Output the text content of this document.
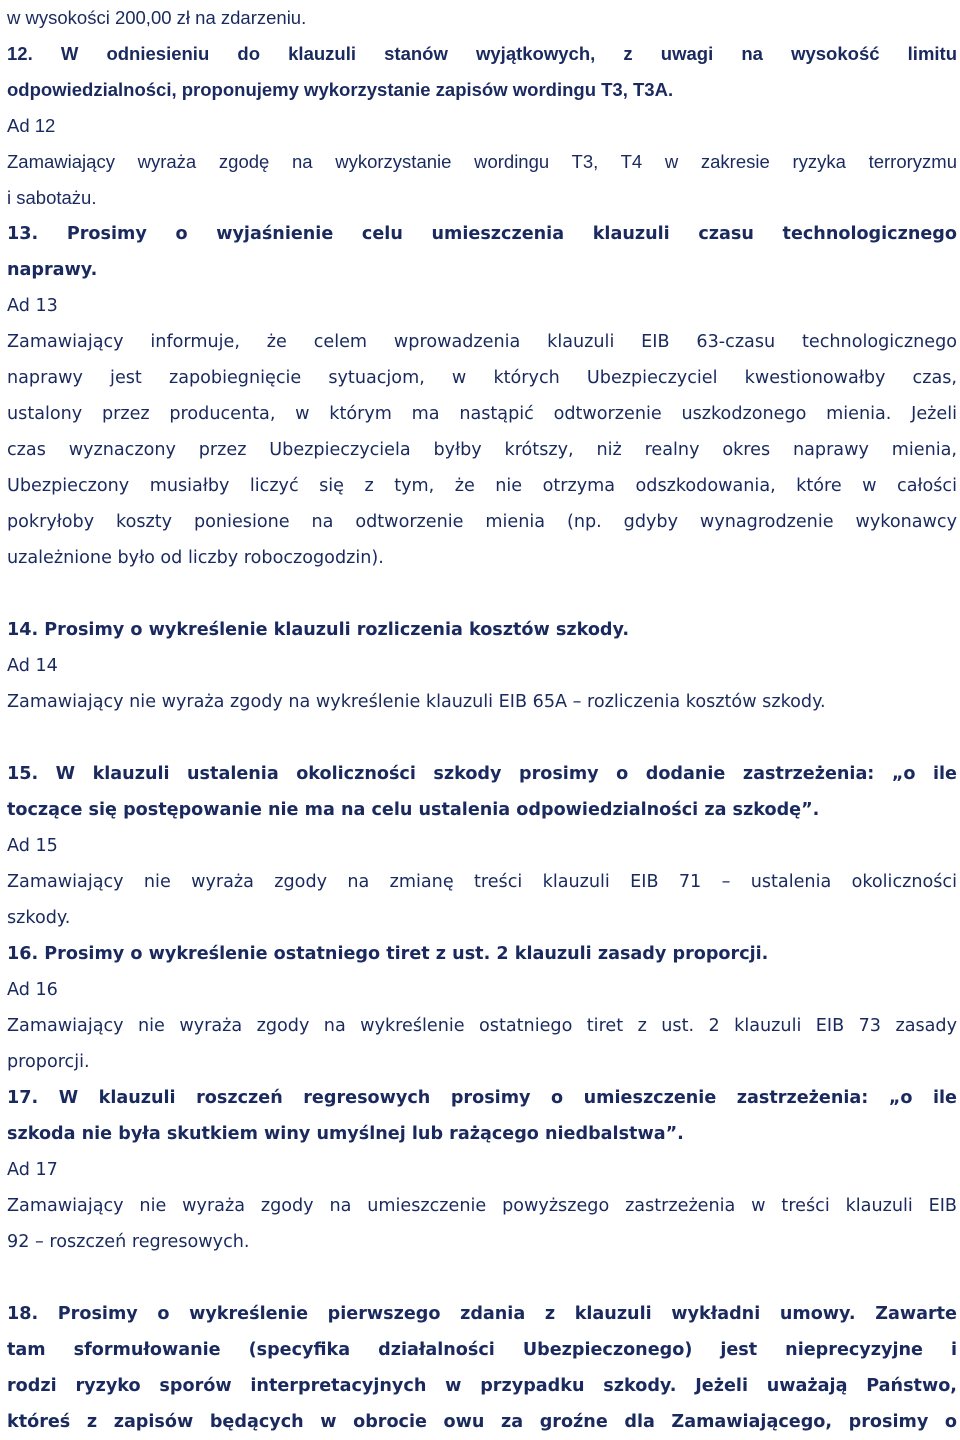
w wysokości 200,00 zł na zdarzeniu.
12. W odniesieniu do klauzuli stanów wyjątkowych, z uwagi na wysokość limitu
odpowiedzialności, proponujemy wykorzystanie zapisów wordingu T3, T3A.
Ad 12
Zamawiający wyraża zgodę na wykorzystanie wordingu T3, T4 w zakresie ryzyka terroryzmu
i sabotażu.
13. Prosimy o wyjaśnienie celu umieszczenia klauzuli czasu technologicznego
naprawy.
Ad 13
Zamawiający informuje, że celem wprowadzenia klauzuli EIB 63-czasu technologicznego
naprawy jest zapobiegnięcie sytuacjom, w których Ubezpieczyciel kwestionowałby czas,
ustalony przez producenta, w którym ma nastąpić odtworzenie uszkodzonego mienia. Jeżeli
czas wyznaczony przez Ubezpieczyciela byłby krótszy, niż realny okres naprawy mienia,
Ubezpieczony musiałby liczyć się z tym, że nie otrzyma odszkodowania, które w całości
pokryłoby koszty poniesione na odtworzenie mienia (np. gdyby wynagrodzenie wykonawcy
uzależnione było od liczby roboczogodzin).
14. Prosimy o wykreślenie klauzuli rozliczenia kosztów szkody.
Ad 14
Zamawiający nie wyraża zgody na wykreślenie klauzuli EIB 65A – rozliczenia kosztów szkody.
15. W klauzuli ustalenia okoliczności szkody prosimy o dodanie zastrzeżenia: „o ile
toczące się postępowanie nie ma na celu ustalenia odpowiedzialności za szkodę”.
Ad 15
Zamawiający nie wyraża zgody na zmianę treści klauzuli EIB 71 – ustalenia okoliczności
szkody.
16. Prosimy o wykreślenie ostatniego tiret z ust. 2 klauzuli zasady proporcji.
Ad 16
Zamawiający nie wyraża zgody na wykreślenie ostatniego tiret z ust. 2 klauzuli EIB 73 zasady
proporcji.
17. W klauzuli roszczeń regresowych prosimy o umieszczenie zastrzeżenia: „o ile
szkoda nie była skutkiem winy umyślnej lub rażącego niedbalstwa”.
Ad 17
Zamawiający nie wyraża zgody na umieszczenie powyższego zastrzeżenia w treści klauzuli EIB
92 – roszczeń regresowych.
18. Prosimy o wykreślenie pierwszego zdania z klauzuli wykładni umowy. Zawarte
tam sformułowanie (specyfika działalności Ubezpieczonego) jest nieprecyzyjne i
rodzi ryzyko sporów interpretacyjnych w przypadku szkody. Jeżeli uważają Państwo,
któreś z zapisów będących w obrocie owu za groźne dla Zamawiającego, prosimy o
